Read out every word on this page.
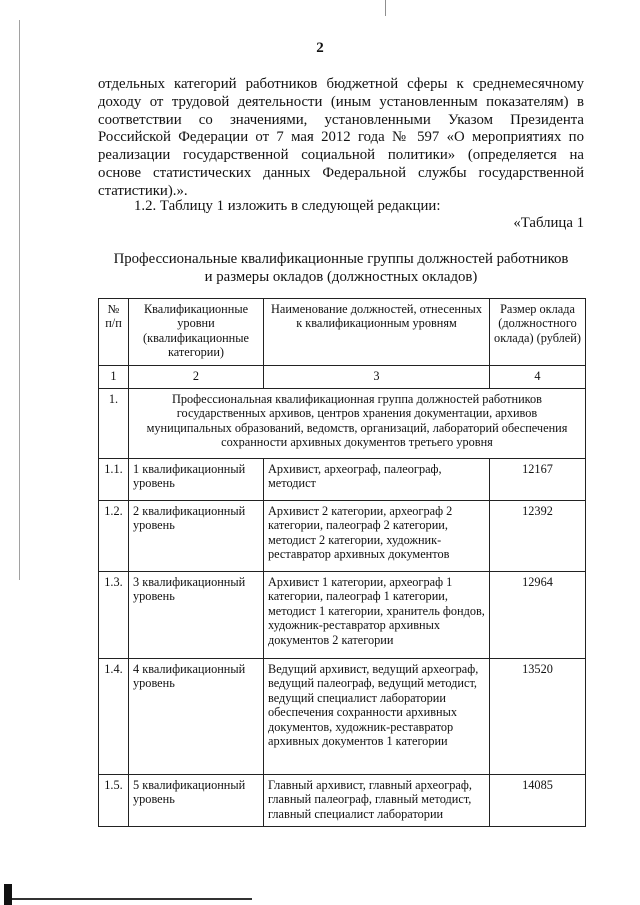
2
отдельных категорий работников бюджетной сферы к среднемесячному доходу от трудовой деятельности (иным установленным показателям) в соответствии со значениями, установленными Указом Президента Российской Федерации от 7 мая 2012 года № 597 «О мероприятиях по реализации государственной социальной политики» (определяется на основе статистических данных Федеральной службы государственной статистики).».
1.2. Таблицу 1 изложить в следующей редакции:
«Таблица 1
Профессиональные квалификационные группы должностей работников
и размеры окладов (должностных окладов)
№ п/п	Квалификационные уровни (квалификационные категории)	Наименование должностей, отнесенных к квалификационным уровням	Размер оклада (должностного оклада) (рублей)
1	2	3	4
1.	Профессиональная квалификационная группа должностей работников государственных архивов, центров хранения документации, архивов муниципальных образований, ведомств, организаций, лабораторий обеспечения сохранности архивных документов третьего уровня		
1.1.	1 квалификационный уровень	Архивист, археограф, палеограф, методист	12167
1.2.	2 квалификационный уровень	Архивист 2 категории, археограф 2 категории, палеограф 2 категории, методист 2 категории, художник-реставратор архивных документов	12392
1.3.	3 квалификационный уровень	Архивист 1 категории, археограф 1 категории, палеограф 1 категории, методист 1 категории, хранитель фондов, художник-реставратор архивных документов 2 категории	12964
1.4.	4 квалификационный уровень	Ведущий архивист, ведущий археограф, ведущий палеограф, ведущий методист, ведущий специалист лаборатории обеспечения сохранности архивных документов, художник-реставратор архивных документов 1 категории	13520
1.5.	5 квалификационный уровень	Главный архивист, главный археограф, главный палеограф, главный методист, главный специалист лаборатории	14085
